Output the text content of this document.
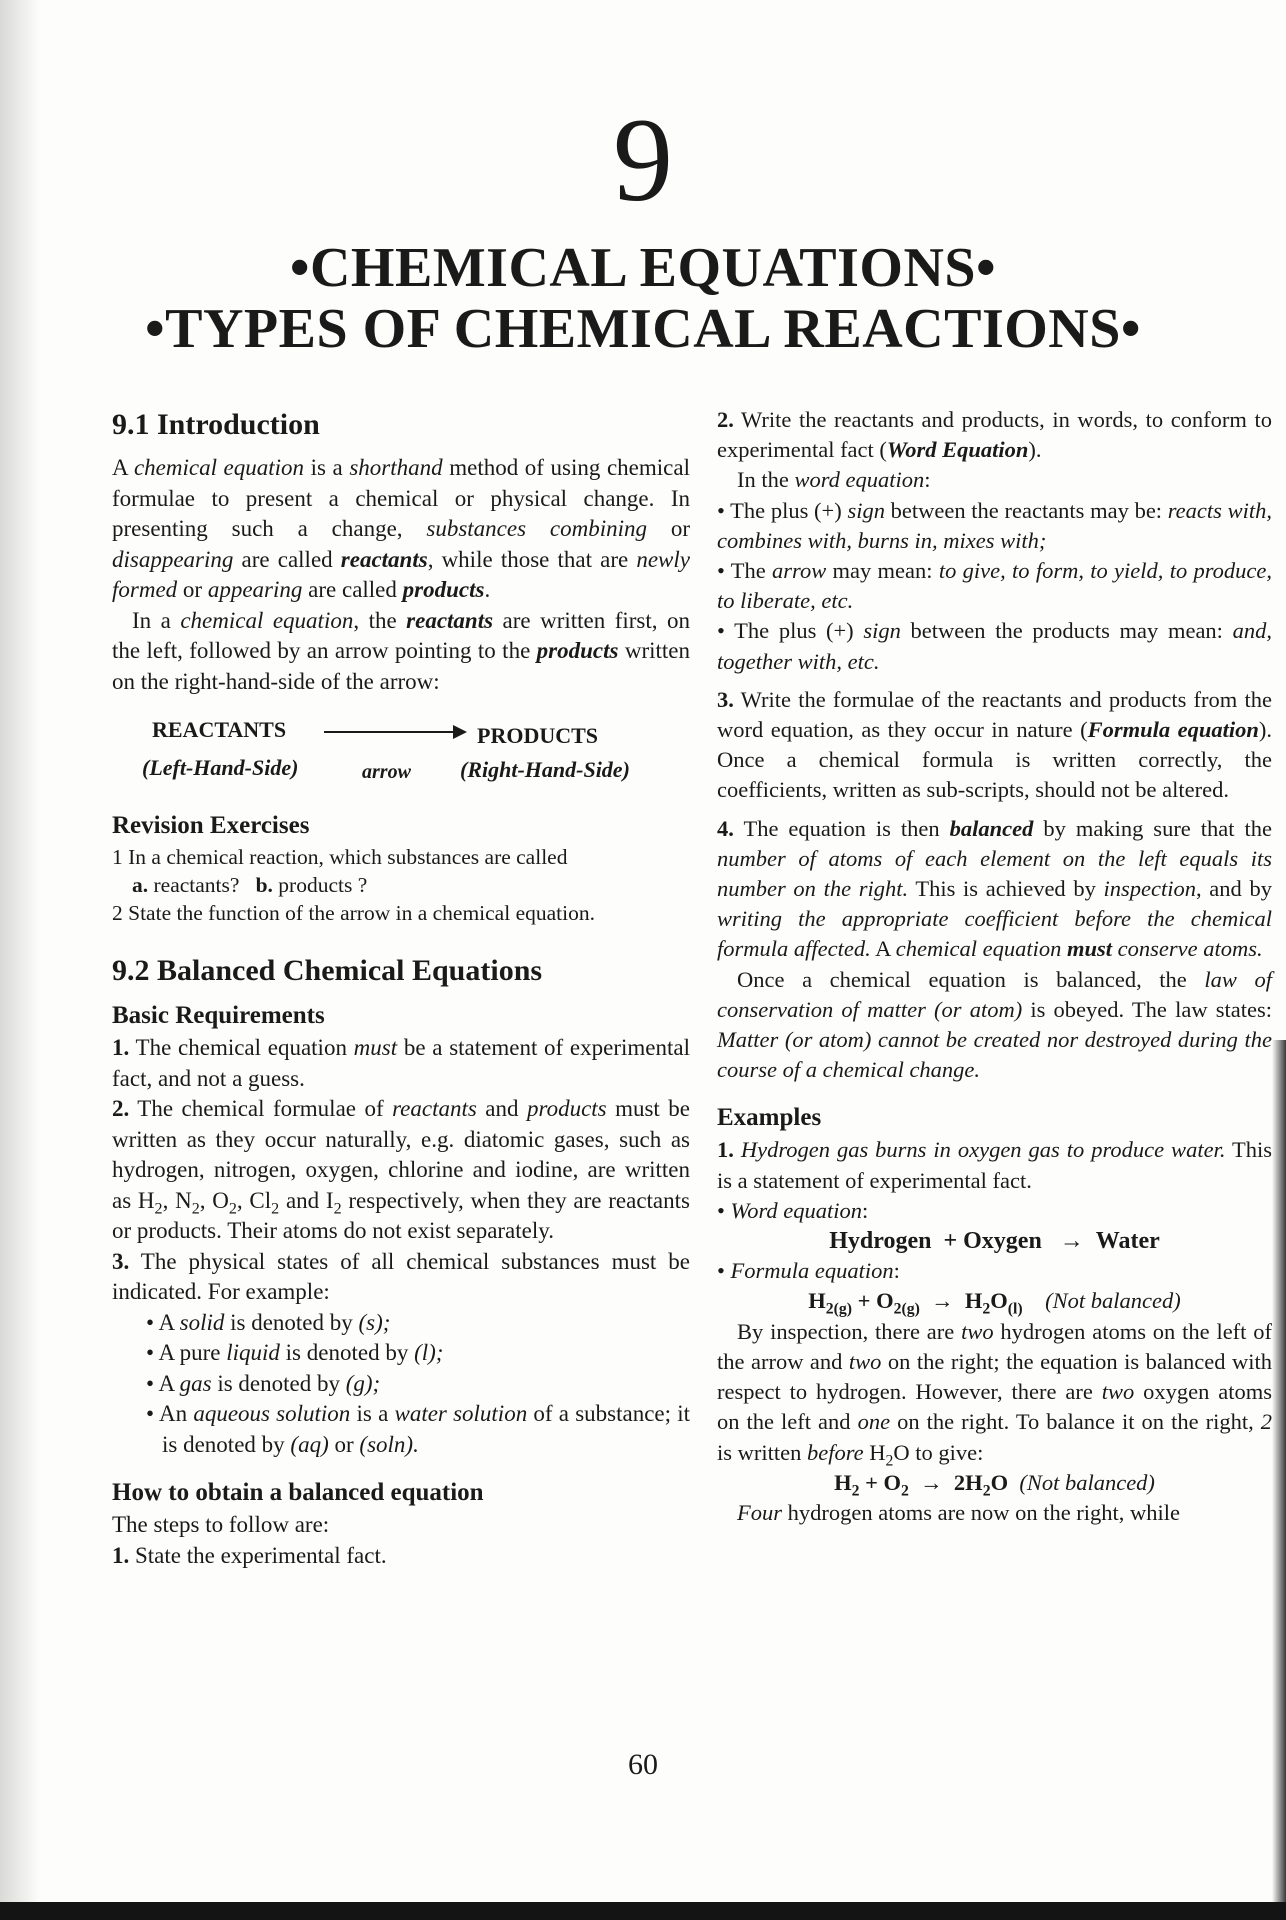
9
•CHEMICAL EQUATIONS•
•TYPES OF CHEMICAL REACTIONS•
9.1 Introduction

A chemical equation is a shorthand method of using chemical formulae to present a chemical or physical change. In presenting such a change, substances combining or disappearing are called reactants, while those that are newly formed or appearing are called products.

In a chemical equation, the reactants are written first, on the left, followed by an arrow pointing to the products written on the right-hand-side of the arrow:

REACTANTS	PRODUCTS
(Left-Hand-Side)	arrow (Right-Hand-Side)
Revision Exercises

1 In a chemical reaction, which substances are called

a. reactants?   b. products ?

2 State the function of the arrow in a chemical equation.

9.2 Balanced Chemical Equations
Basic Requirements

1. The chemical equation must be a statement of experimental fact, and not a guess.

2. The chemical formulae of reactants and products must be written as they occur naturally, e.g. diatomic gases, such as hydrogen, nitrogen, oxygen, chlorine and iodine, are written as $H_2$, $N_2$, $O_2$, $Cl_2$ and $I_2$ respectively, when they are reactants or products. Their atoms do not exist separately.

3. The physical states of all chemical substances must be indicated. For example:

• A solid is denoted by (s);

• A pure liquid is denoted by (l);

• A gas is denoted by (g);

• An aqueous solution is a water solution of a substance; it is denoted by (aq) or (soln).

How to obtain a balanced equation

The steps to follow are:

1. State the experimental fact.

2. Write the reactants and products, in words, to conform to experimental fact (Word Equation).

In the word equation:

• The plus (+) sign between the reactants may be: reacts with, combines with, burns in, mixes with;

• The arrow may mean: to give, to form, to yield, to produce, to liberate, etc.

• The plus (+) sign between the products may mean: and, together with, etc.

3. Write the formulae of the reactants and products from the word equation, as they occur in nature (Formula equation). Once a chemical formula is written correctly, the coefficients, written as sub-scripts, should not be altered.

4. The equation is then balanced by making sure that the number of atoms of each element on the left equals its number on the right. This is achieved by inspection, and by writing the appropriate coefficient before the chemical formula affected. A chemical equation must conserve atoms.

Once a chemical equation is balanced, the law of conservation of matter (or atom) is obeyed. The law states: Matter (or atom) cannot be created nor destroyed during the course of a chemical change.

Examples

1. Hydrogen gas burns in oxygen gas to produce water. This is a statement of experimental fact.

• Word equation:

Hydrogen  + Oxygen   →  Water

• Formula equation:

$H_{2(g)} + O_{2(g)} \to H_2O_{(l)}$ (Not balanced)

By inspection, there are two hydrogen atoms on the left of the arrow and two on the right; the equation is balanced with respect to hydrogen. However, there are two oxygen atoms on the left and one on the right. To balance it on the right, 2 is written before $H_2O$ to give:

$H_2 + O_2 \to 2H_2O$ (Not balanced)

Four hydrogen atoms are now on the right, while

60
